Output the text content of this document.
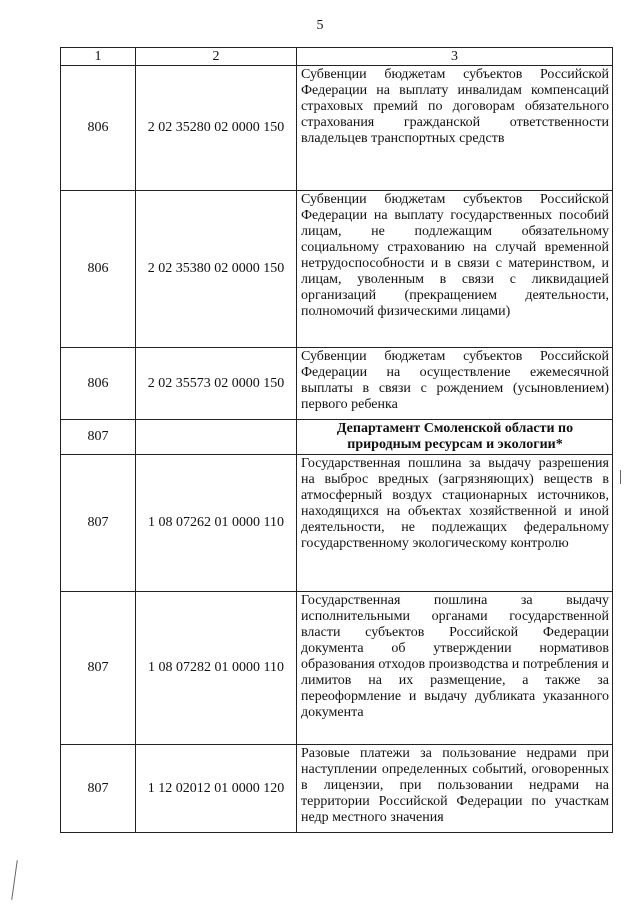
5
1	2	3
806	2 02 35280 02 0000 150	Субвенции бюджетам субъектов Российской Федерации на выплату инвалидам компенсаций страховых премий по договорам обязательного страхования гражданской ответственности владельцев транспортных средств
806	2 02 35380 02 0000 150	Субвенции бюджетам субъектов Российской Федерации на выплату государственных пособий лицам, не подлежащим обязательному социальному страхованию на случай временной нетрудоспособности и в связи с материнством, и лицам, уволенным в связи с ликвидацией организаций (прекращением деятельности, полномочий физическими лицами)
806	2 02 35573 02 0000 150	Субвенции бюджетам субъектов Российской Федерации на осуществление ежемесячной выплаты в связи с рождением (усыновлением) первого ребенка
807		Департамент Смоленской области по природным ресурсам и экологии*
807	1 08 07262 01 0000 110	Государственная пошлина за выдачу разрешения на выброс вредных (загрязняющих) веществ в атмосферный воздух стационарных источников, находящихся на объектах хозяйственной и иной деятельности, не подлежащих федеральному государственному экологическому контролю
807	1 08 07282 01 0000 110	Государственная пошлина за выдачу исполнительными органами государственной власти субъектов Российской Федерации документа об утверждении нормативов образования отходов производства и потребления и лимитов на их размещение, а также за переоформление и выдачу дубликата указанного документа
807	1 12 02012 01 0000 120	Разовые платежи за пользование недрами при наступлении определенных событий, оговоренных в лицензии, при пользовании недрами на территории Российской Федерации по участкам недр местного значения
